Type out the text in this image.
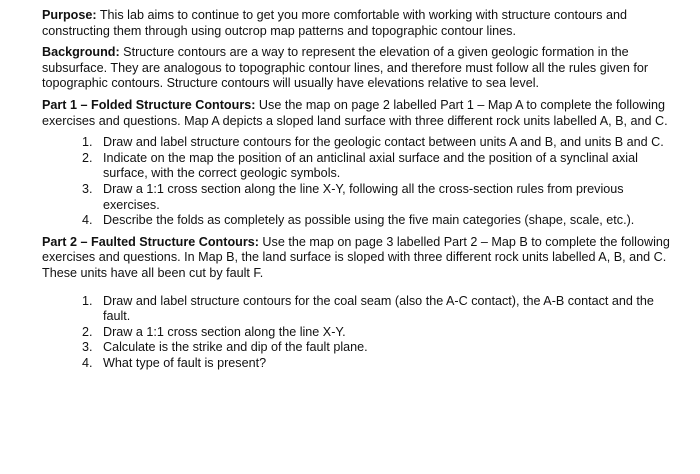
Purpose: This lab aims to continue to get you more comfortable with working with structure contours and constructing them through using outcrop map patterns and topographic contour lines.

Background: Structure contours are a way to represent the elevation of a given geologic formation in the subsurface. They are analogous to topographic contour lines, and therefore must follow all the rules given for topographic contours. Structure contours will usually have elevations relative to sea level.

Part 1 – Folded Structure Contours: Use the map on page 2 labelled Part 1 – Map A to complete the following exercises and questions. Map A depicts a sloped land surface with three different rock units labelled A, B, and C.

1. Draw and label structure contours for the geologic contact between units A and B, and units B and C.
2. Indicate on the map the position of an anticlinal axial surface and the position of a synclinal axial surface, with the correct geologic symbols.
3. Draw a 1:1 cross section along the line X-Y, following all the cross-section rules from previous exercises.
4. Describe the folds as completely as possible using the five main categories (shape, scale, etc.).

Part 2 – Faulted Structure Contours: Use the map on page 3 labelled Part 2 – Map B to complete the following exercises and questions. In Map B, the land surface is sloped with three different rock units labelled A, B, and C. These units have all been cut by fault F.

1. Draw and label structure contours for the coal seam (also the A-C contact), the A-B contact and the fault.
2. Draw a 1:1 cross section along the line X-Y.
3. Calculate is the strike and dip of the fault plane.
4. What type of fault is present?
